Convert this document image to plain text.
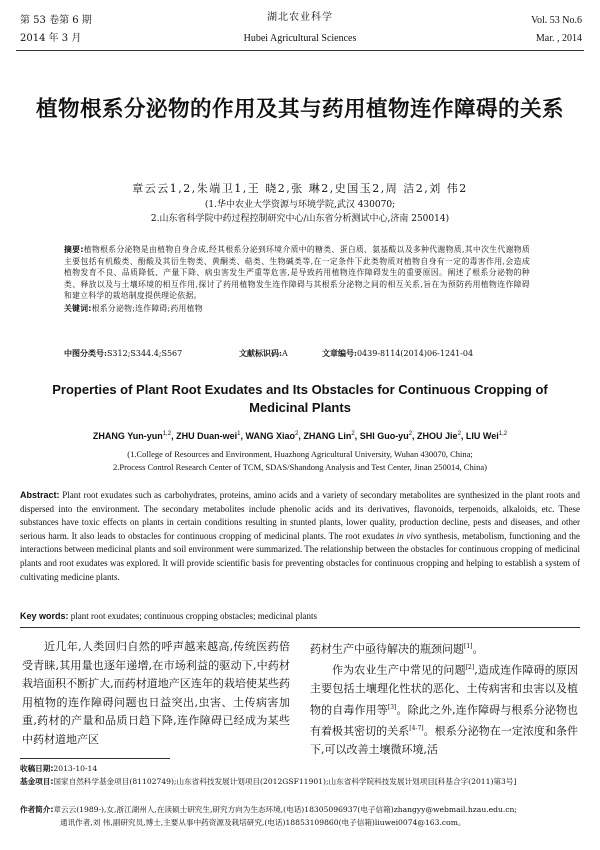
第 53 卷第 6 期
2014 年 3 月
湖北农业科学
Hubei Agricultural Sciences
Vol. 53 No.6
Mar. , 2014
植物根系分泌物的作用及其与药用植物连作障碍的关系
章云云1,2,朱端卫1,王 晓2,张 琳2,史国玉2,周 洁2,刘 伟2
(1.华中农业大学资源与环境学院,武汉 430070;
2.山东省科学院中药过程控制研究中心/山东省分析测试中心,济南 250014)
摘要:植物根系分泌物是由植物自身合成,经其根系分泌到环境介质中的糖类、蛋白质、氨基酸以及多种代谢物质,其中次生代谢物质主要包括有机酸类、酚酸及其衍生物类、黄酮类、萜类、生物碱类等,在一定条件下此类物质对植物自身有一定的毒害作用,会造成植物发育不良、品质降低、产量下降、病虫害发生严重等危害,是导致药用植物连作障碍发生的重要原因。阐述了根系分泌物的种类、释放以及与土壤环境的相互作用,探讨了药用植物发生连作障碍与其根系分泌物之间的相互关系,旨在为预防药用植物连作障碍和建立科学的栽培制度提供理论依据。
关键词:根系分泌物;连作障碍;药用植物
中图分类号:S312;S344.4;S567	文献标识码:A	文章编号:0439-8114(2014)06-1241-04
Properties of Plant Root Exudates and Its Obstacles for Continuous Cropping of Medicinal Plants
ZHANG Yun-yun$^{1,2}$, ZHU Duan-wei$^1$, WANG Xiao$^2$, ZHANG Lin$^2$, SHI Guo-$yu^2$, ZHOU Jie$^2$, LIU Wei$^{1,2}$
(1.College of Resources and Environment, Huazhong Agricultural University, Wuhan 430070, China;
2.Process Control Research Center of TCM, SDAS/Shandong Analysis and Test Center, Jinan 250014, China)
Abstract: Plant root exudates such as carbohydrates, proteins, amino acids and a variety of secondary metabolites are synthesized in the plant roots and dispersed into the environment. The secondary metabolites include phenolic acids and its derivatives, flavonoids, terpenoids, alkaloids, etc. These substances have toxic effects on plants in certain conditions resulting in stunted plants, lower quality, production decline, pests and diseases, and other serious harm. It also leads to obstacles for continuous cropping of medicinal plants. The root exudates in vivo synthesis, metabolism, functioning and the interactions between medicinal plants and soil environment were summarized. The relationship between the obstacles for continuous cropping of medicinal plants and root exudates was explored. It will provide scientific basis for preventing obstacles for continuous cropping and helping to establish a system of cultivating medicine plants.
Key words: plant root exudates; continuous cropping obstacles; medicinal plants

近几年,人类回归自然的呼声越来越高,传统医药倍受青睐,其用量也逐年递增,在市场利益的驱动下,中药材栽培面积不断扩大,而药材道地产区连年的栽培使某些药用植物的连作障碍问题也日益突出,虫害、土传病害加重,药材的产量和品质日趋下降,连作障碍已经成为某些中药材道地产区

药材生产中亟待解决的瓶颈问题[1]。

作为农业生产中常见的问题[2],造成连作障碍的原因主要包括土壤理化性状的恶化、土传病害和虫害以及植物的自毒作用等[3]。除此之外,连作障碍与根系分泌物也有着极其密切的关系[4-7]。根系分泌物在一定浓度和条件下,可以改善土壤微环境,活

收稿日期:2013-10-14
基金项目:国家自然科学基金项目(81102749);山东省科技发展计划项目(2012GSF11901);山东省科学院科技发展计划项目[科基合字(2011)第3号]
作者简介:章云云(1989-),女,浙江湖州人,在读硕士研究生,研究方向为生态环境,(电话)18305096937(电子信箱)zhangyy@webmail.hzau.edu.cn;
通讯作者,刘 伟,副研究员,博士,主要从事中药资源及栽培研究,(电话)18853109860(电子信箱)liuwei0074@163.com。
